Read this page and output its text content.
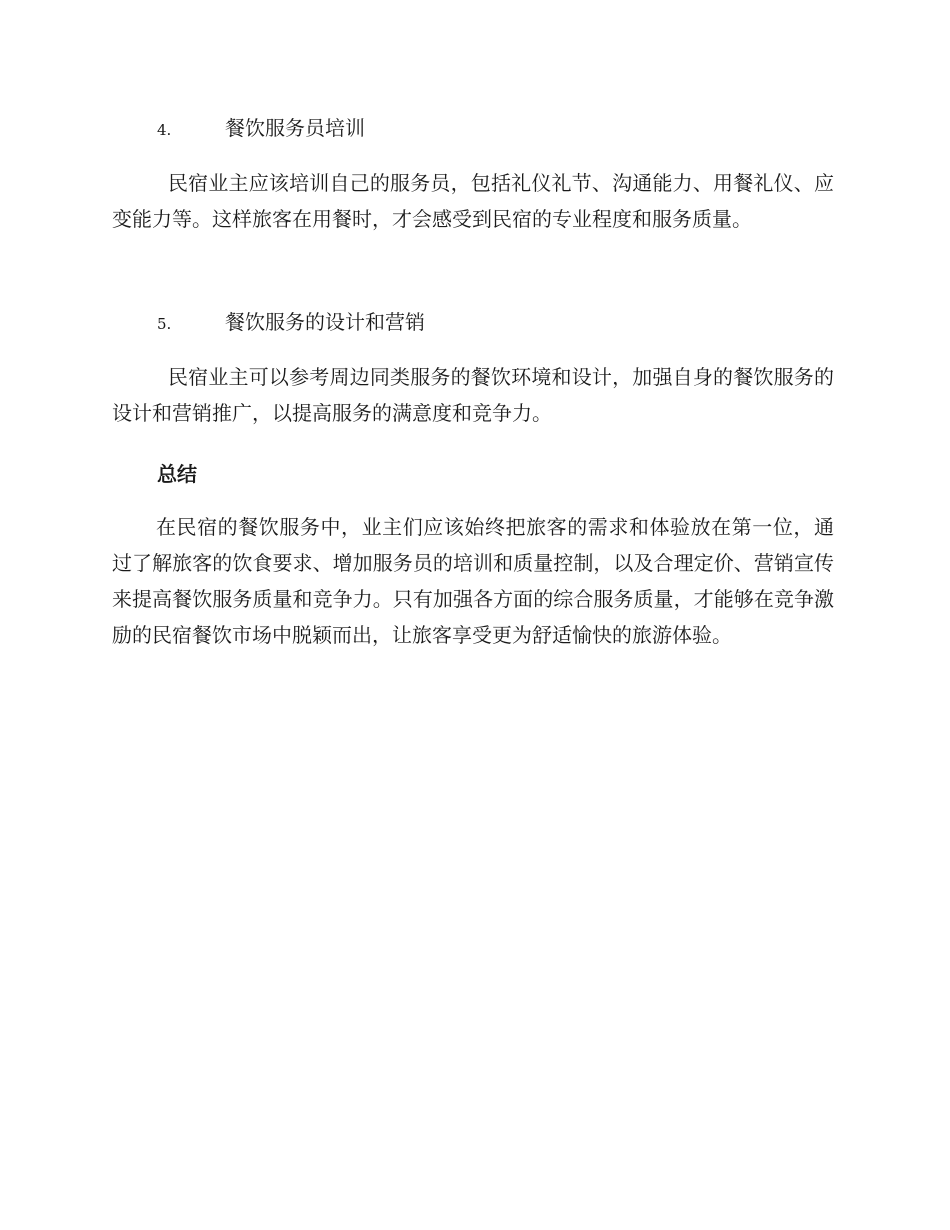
4.	餐饮服务员培训

民宿业主应该培训自己的服务员，包括礼仪礼节、沟通能力、用餐礼仪、应变能力等。这样旅客在用餐时，才会感受到民宿的专业程度和服务质量。

5.	餐饮服务的设计和营销

民宿业主可以参考周边同类服务的餐饮环境和设计，加强自身的餐饮服务的设计和营销推广，以提高服务的满意度和竞争力。

总结

在民宿的餐饮服务中，业主们应该始终把旅客的需求和体验放在第一位，通过了解旅客的饮食要求、增加服务员的培训和质量控制，以及合理定价、营销宣传来提高餐饮服务质量和竞争力。只有加强各方面的综合服务质量，才能够在竞争激励的民宿餐饮市场中脱颖而出，让旅客享受更为舒适愉快的旅游体验。
